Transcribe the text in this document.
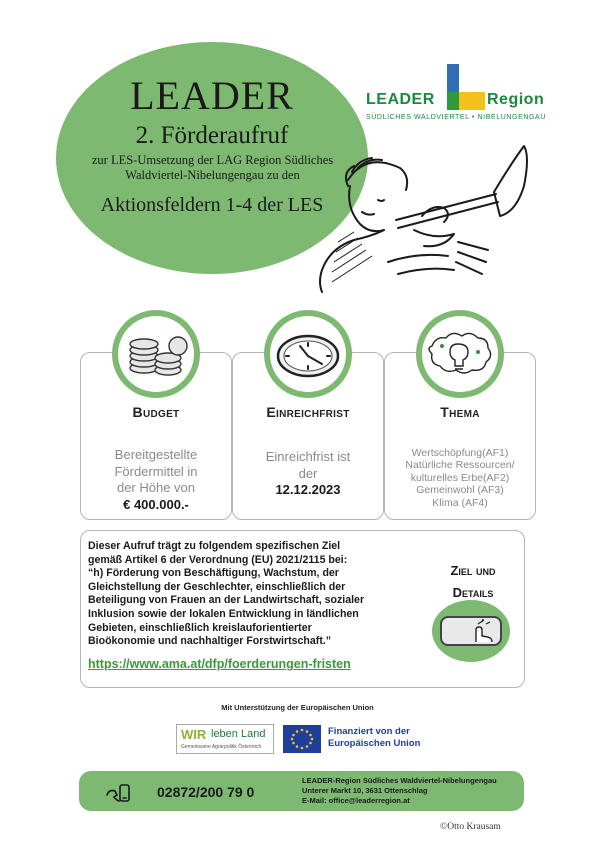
LEADER
2. Förderaufruf
zur LES-Umsetzung der LAG Region Südliches Waldviertel-Nibelungengau zu den
Aktionsfeldern 1-4 der LES
LEADER	Region
SÜDLICHES WALDVIERTEL • NIBELUNGENGAU
Budget	Einreichfrist	Thema
Bereitgestellte
Fördermittel in
der Höhe von
€ 400.000.-
Einreichfrist ist
der
12.12.2023
Wertschöpfung(AF1)
Natürliche Ressourcen/
kulturelles Erbe(AF2)
Gemeinwohl (AF3)
Klima (AF4)
Dieser Aufruf trägt zu folgendem spezifischen Ziel
gemäß Artikel 6 der Verordnung (EU) 2021/2115 bei:
“h) Förderung von Beschäftigung, Wachstum, der
Gleichstellung der Geschlechter, einschließlich der
Beteiligung von Frauen an der Landwirtschaft, sozialer
Inklusion sowie der lokalen Entwicklung in ländlichen
Gebieten, einschließlich kreislauforientierter
Bioökonomie und nachhaltiger Forstwirtschaft.”
https://www.ama.at/dfp/foerderungen-fristen
Ziel und
Details
Mit Unterstützung der Europäischen Union
WIR leben Land
Gemeinsame Agrarpolitik Österreich
Finanziert von der
Europäischen Union
02872/200 79 0
LEADER-Region Südliches Waldviertel-Nibelungengau
Unterer Markt 10, 3631 Ottenschlag
E-Mail: office@leaderregion.at
©Otto Krausam
